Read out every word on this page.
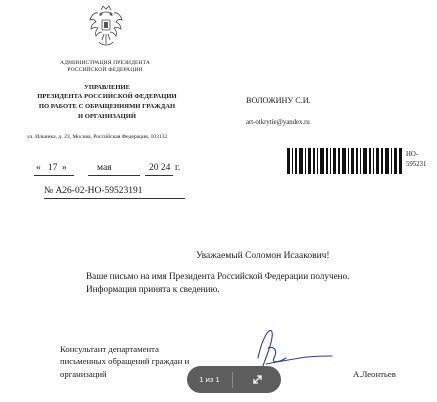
АДМИНИСТРАЦИЯ ПРЕЗИДЕНТА
РОССИЙСКОЙ ФЕДЕРАЦИИ
УПРАВЛЕНИЕ
ПРЕЗИДЕНТА РОССИЙСКОЙ ФЕДЕРАЦИИ
ПО РАБОТЕ С ОБРАЩЕНИЯМИ ГРАЖДАН
И ОРГАНИЗАЦИЙ
ул. Ильинка, д. 23, Москва, Российская Федерация, 103132
ВОЛОЖИНУ С.И.
art-otkrytie@yandex.ru
« 17 »	мая	20 24 г.
№ А26-02-НО-59523191
НО-
595231
Уважаемый Соломон Исаакович!
Ваше письмо на имя Президента Российской Федерации получено.
Информация принята к сведению.
Консультант департамента
письменных обращений граждан и
организаций	А.Леонтьев
1 из 1
